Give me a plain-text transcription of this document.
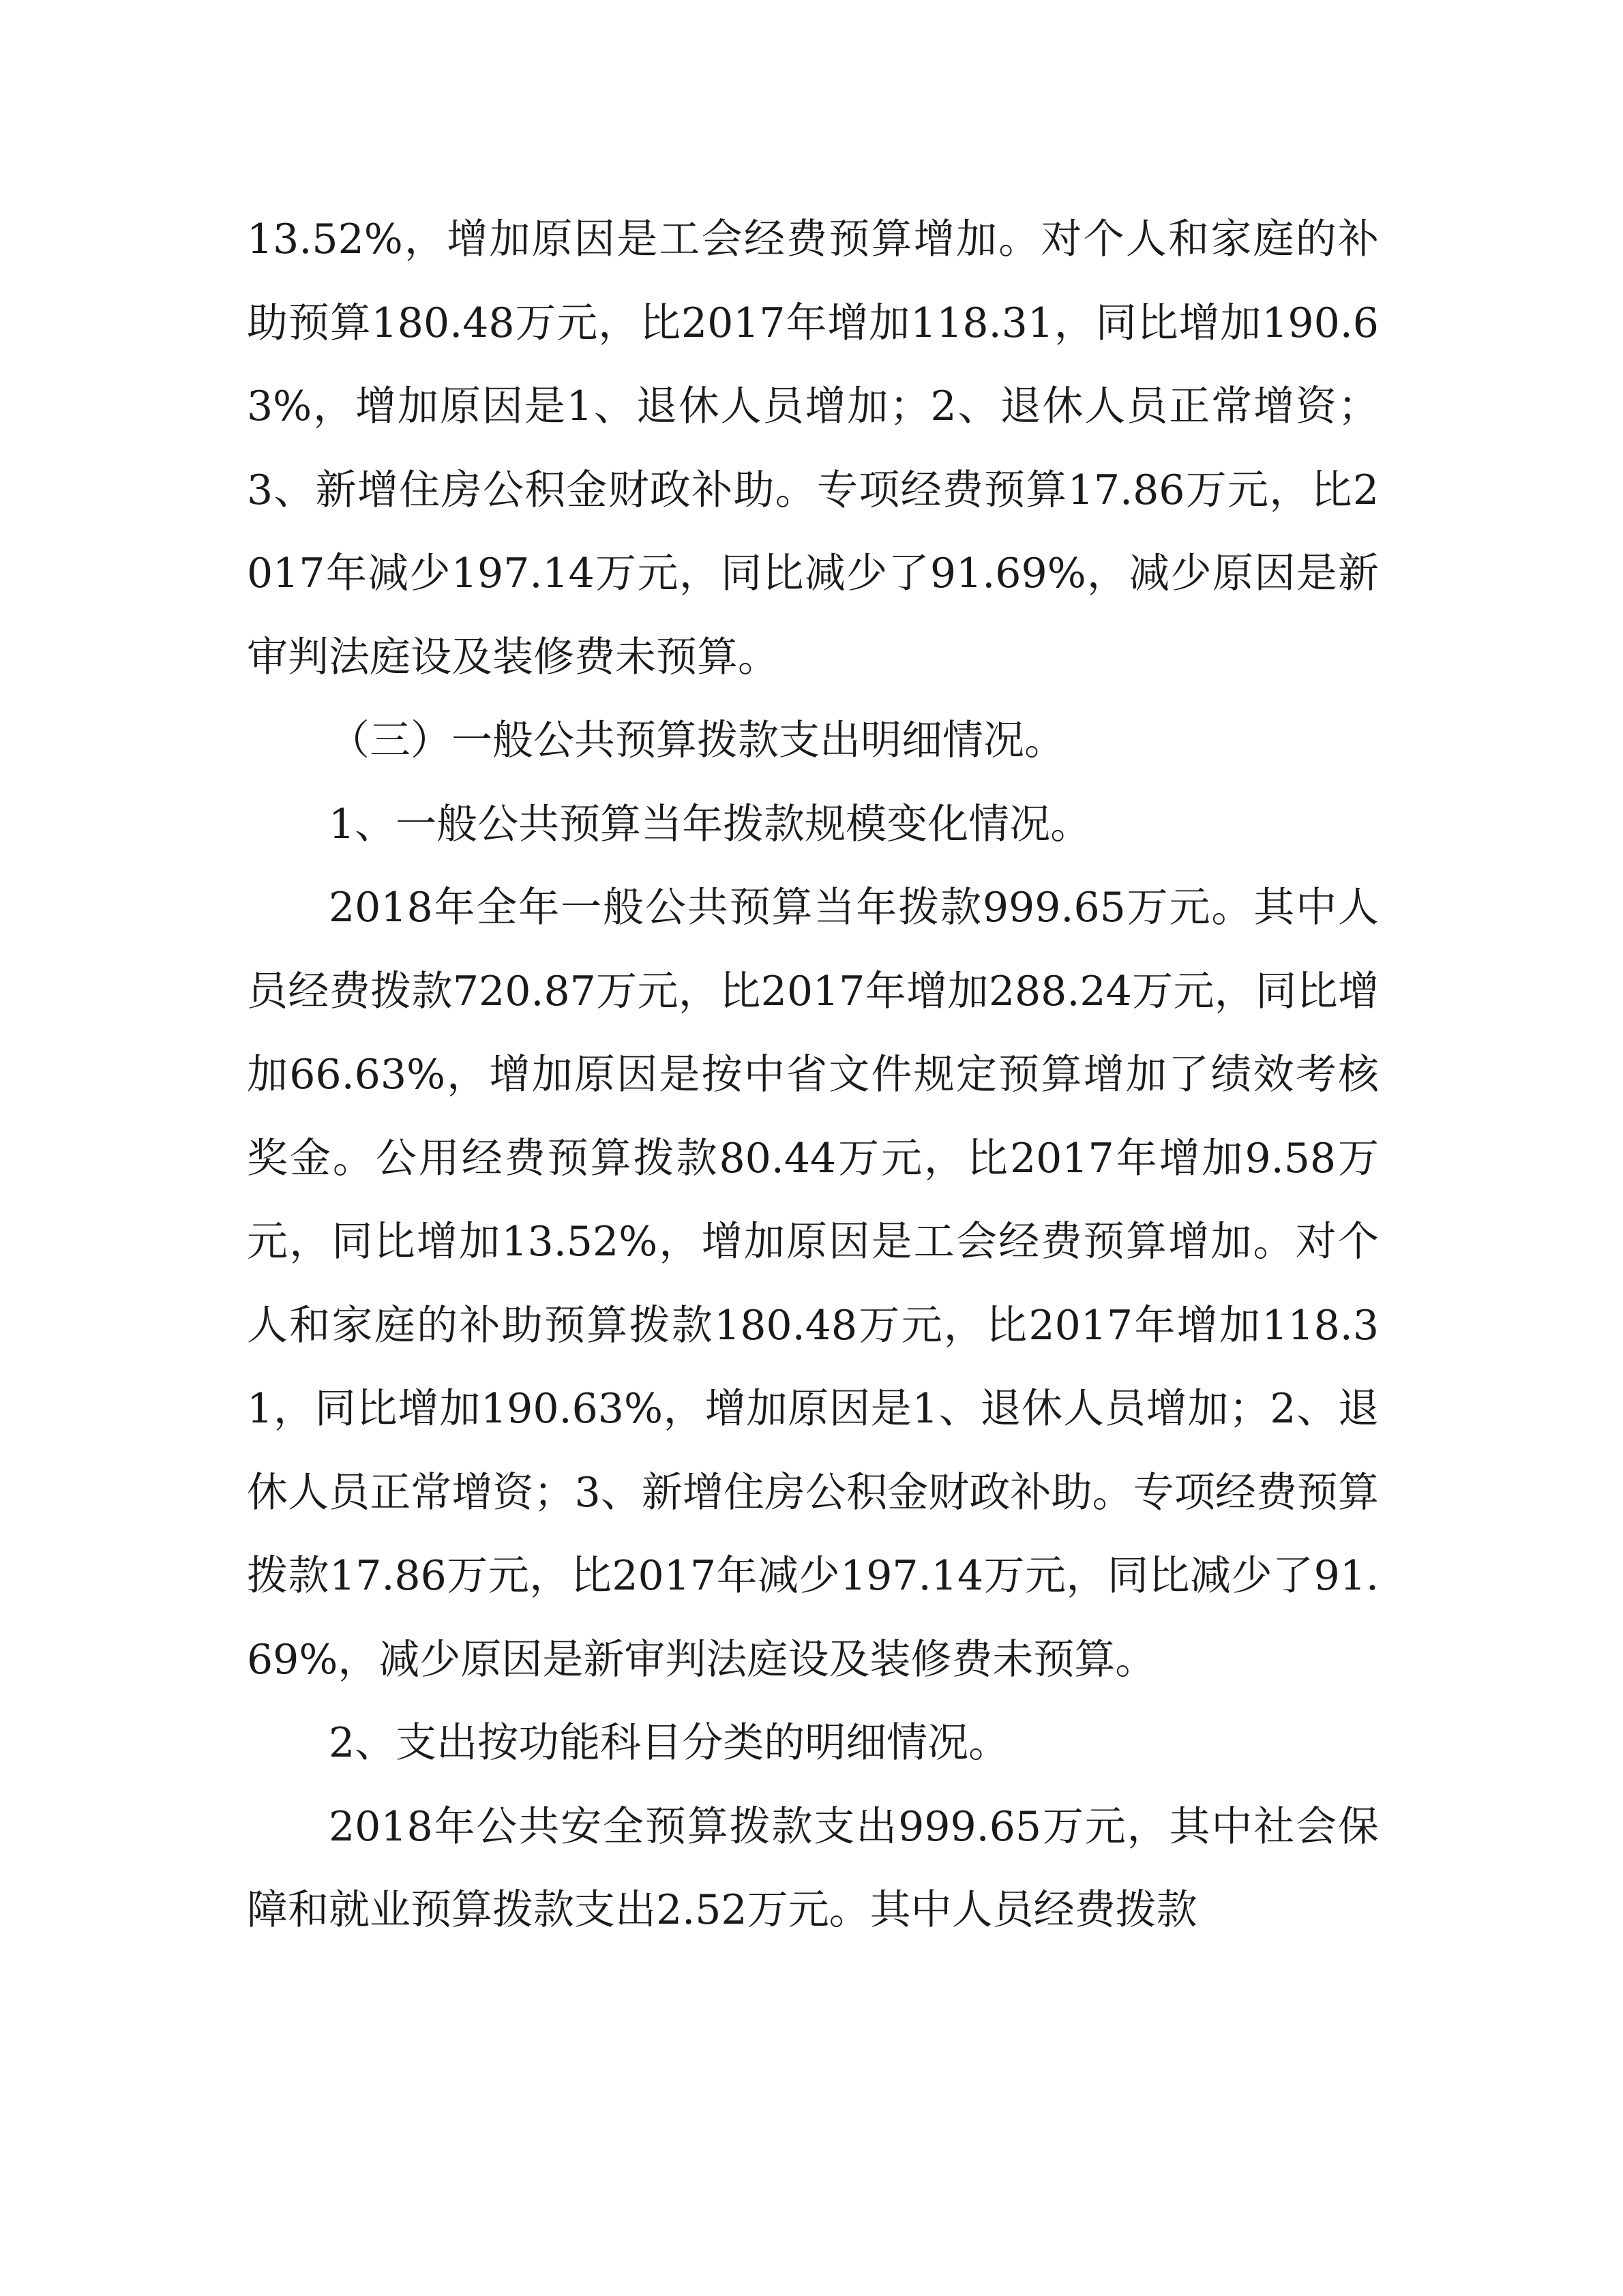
13.52%，增加原因是工会经费预算增加。对个人和家庭的补助预算180.48万元，比2017年增加118.31，同比增加190.63%，增加原因是1、退休人员增加；2、退休人员正常增资；3、新增住房公积金财政补助。专项经费预算17.86万元，比2017年减少197.14万元，同比减少了91.69%，减少原因是新审判法庭设及装修费未预算。

（三）一般公共预算拨款支出明细情况。

1、一般公共预算当年拨款规模变化情况。

2018年全年一般公共预算当年拨款999.65万元。其中人员经费拨款720.87万元，比2017年增加288.24万元，同比增加66.63%，增加原因是按中省文件规定预算增加了绩效考核奖金。公用经费预算拨款80.44万元，比2017年增加9.58万元，同比增加13.52%，增加原因是工会经费预算增加。对个人和家庭的补助预算拨款180.48万元，比2017年增加118.31，同比增加190.63%，增加原因是1、退休人员增加；2、退休人员正常增资；3、新增住房公积金财政补助。专项经费预算拨款17.86万元，比2017年减少197.14万元，同比减少了91.69%，减少原因是新审判法庭设及装修费未预算。

2、支出按功能科目分类的明细情况。

2018年公共安全预算拨款支出999.65万元，其中社会保障和就业预算拨款支出2.52万元。其中人员经费拨款
